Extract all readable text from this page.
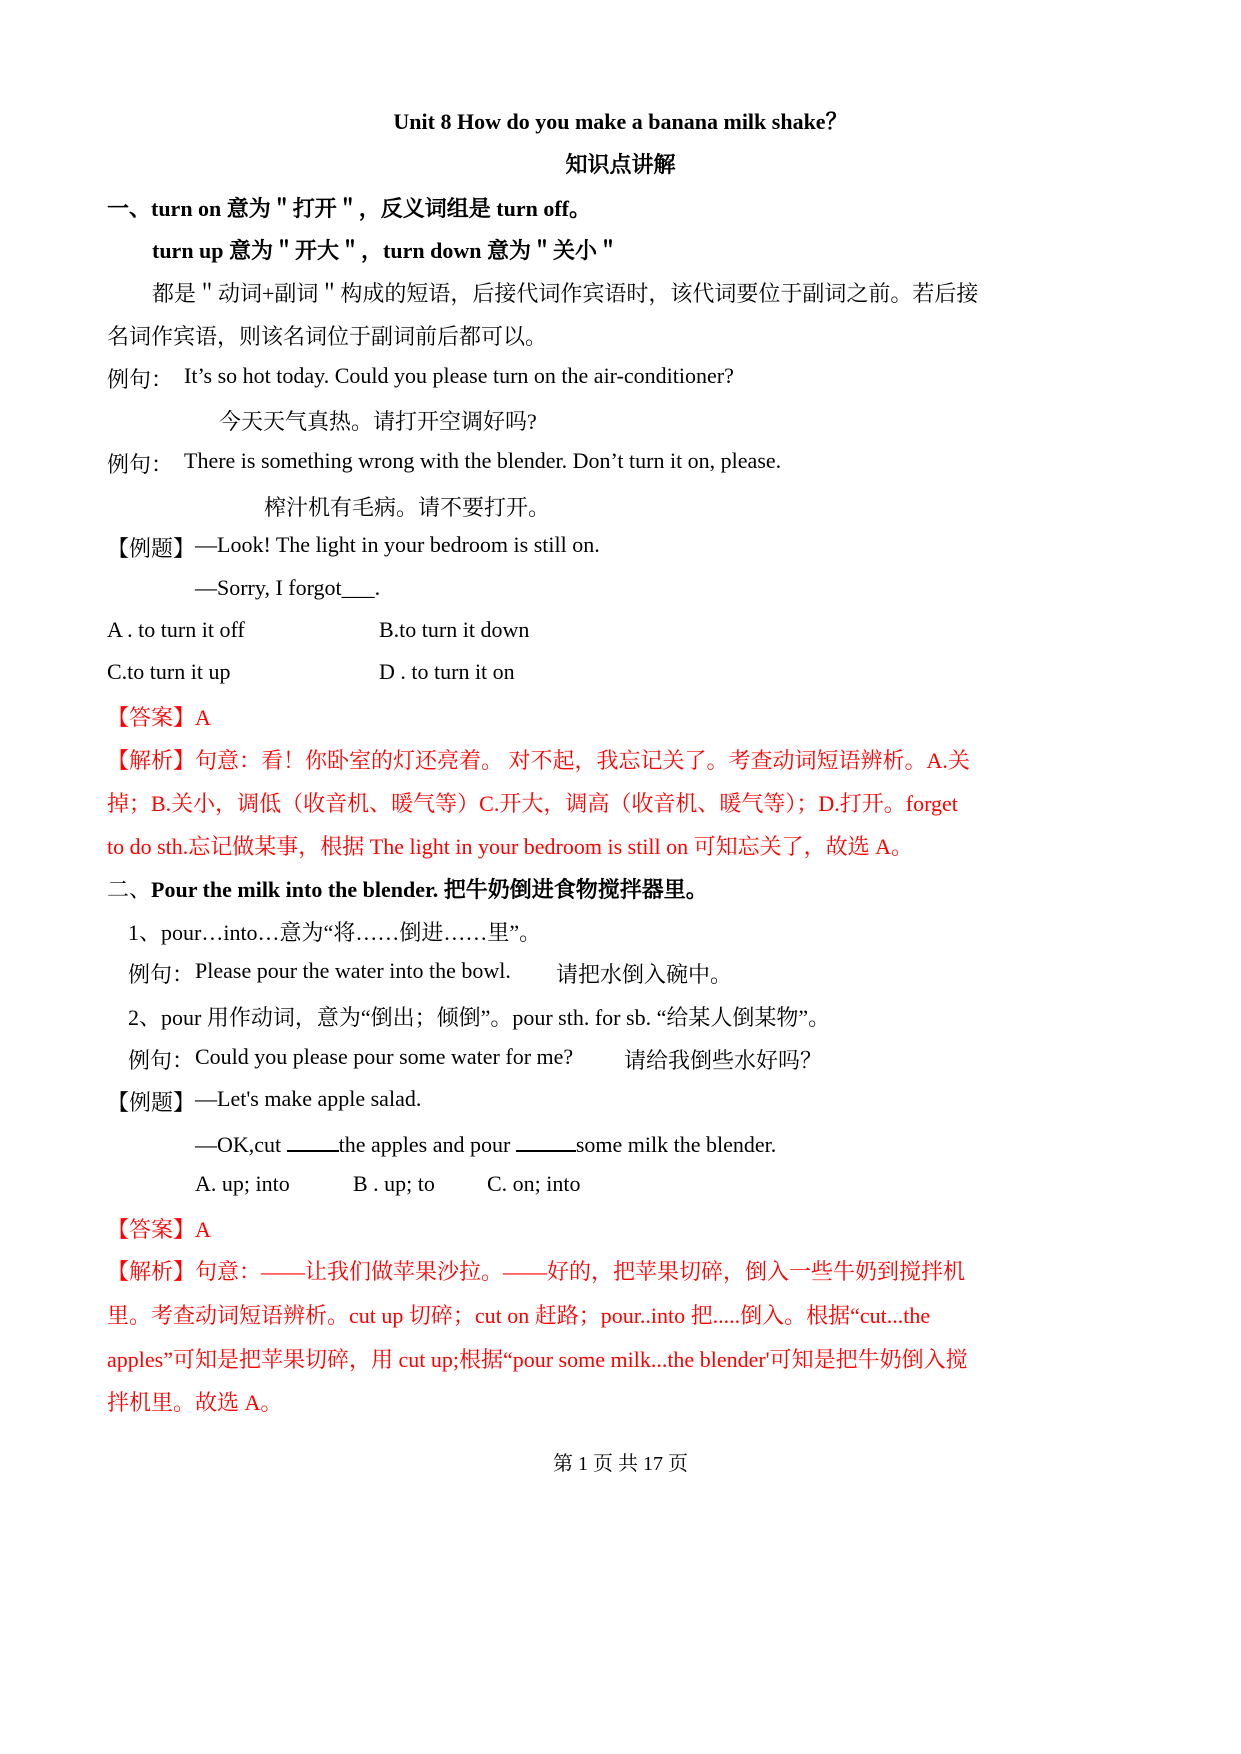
Unit 8 How do you make a banana milk shake？
知识点讲解
一、turn on 意为＂打开＂，反义词组是 turn off。
turn up 意为＂开大＂，turn down 意为＂关小＂
都是＂动词+副词＂构成的短语，后接代词作宾语时，该代词要位于副词之前。若后接
名词作宾语，则该名词位于副词前后都可以。
例句： It’s so hot today. Could you please turn on the air-conditioner?
今天天气真热。请打开空调好吗?
例句： There is something wrong with the blender. Don’t turn it on, please.
榨汁机有毛病。请不要打开。
【例题】 —Look! The light in your bedroom is still on.
—Sorry, I forgot___.
A . to turn it off	B.to turn it down
C.to turn it up	D . to turn it on
【答案】A
【解析】句意：看！你卧室的灯还亮着。 对不起，我忘记关了。考查动词短语辨析。A.关
掉；B.关小，调低（收音机、暖气等）C.开大，调高（收音机、暖气等）；D.打开。forget
to do sth.忘记做某事，根据 The light in your bedroom is still on 可知忘关了，故选 A。
二、Pour the milk into the blender. 把牛奶倒进食物搅拌器里。
1、pour…into…意为“将……倒进……里”。
例句： Please pour the water into the bowl. 请把水倒入碗中。
2、pour 用作动词，意为“倒出；倾倒”。pour sth. for sb. “给某人倒某物”。
例句： Could you please pour some water for me? 请给我倒些水好吗？
【例题】 —Let's make apple salad.
—OK,cut the apples and pour	some milk the blender.
A. up; into	B . up; to C. on; into
【答案】A
【解析】句意：——让我们做苹果沙拉。——好的，把苹果切碎，倒入一些牛奶到搅拌机
里。考查动词短语辨析。cut up 切碎；cut on 赶路；pour..into 把.....倒入。根据“cut...the
apples”可知是把苹果切碎，用 cut up;根据“pour some milk...the blender'可知是把牛奶倒入搅
拌机里。故选 A。
第 1 页 共 17 页
